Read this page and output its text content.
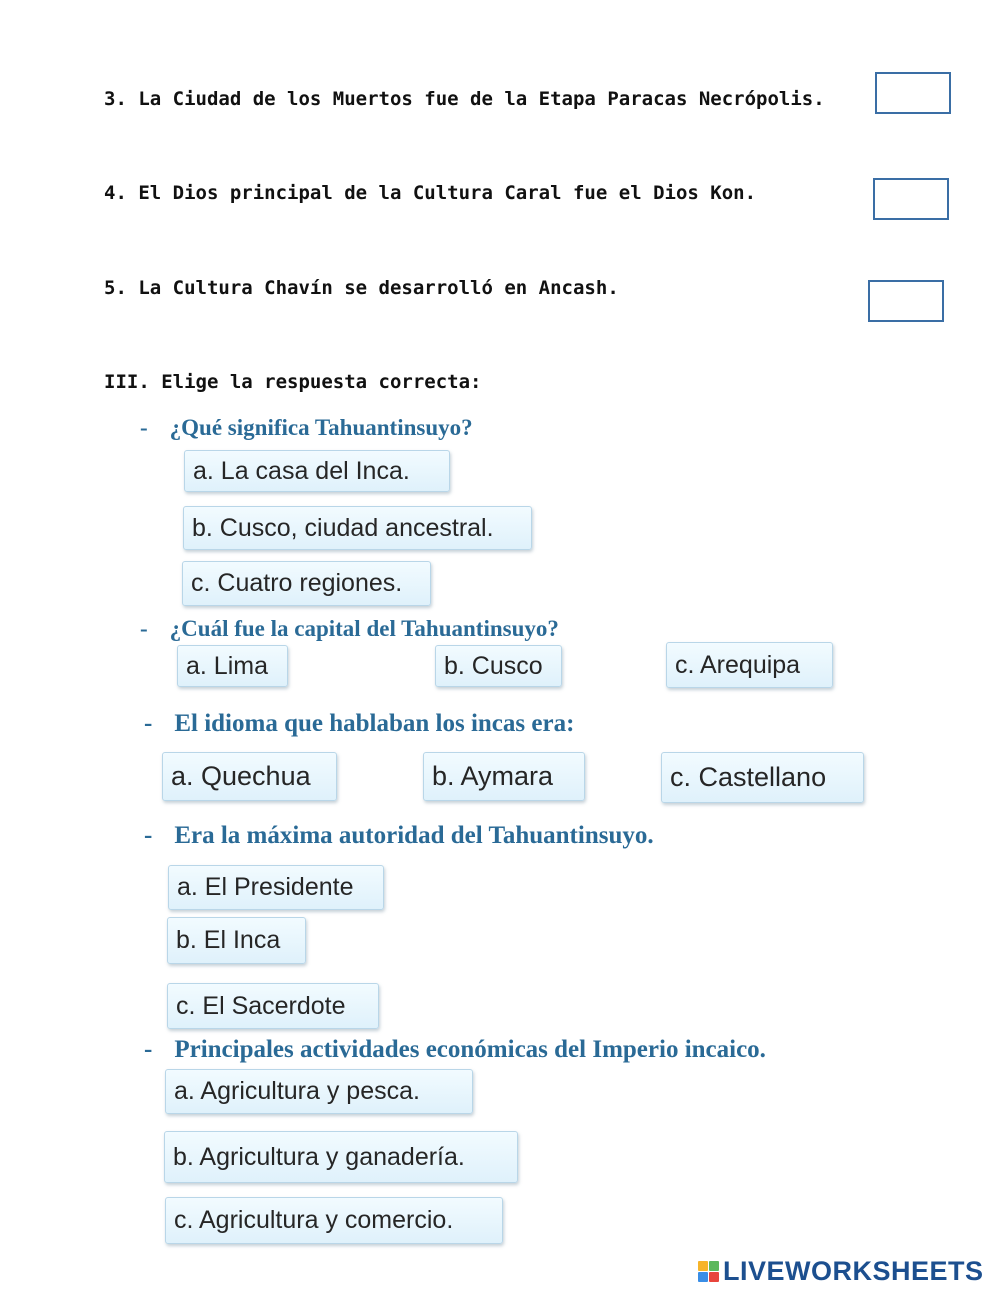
3. La Ciudad de los Muertos fue de la Etapa Paracas Necrópolis.
4. El Dios principal de la Cultura Caral fue el Dios Kon.
5. La Cultura Chavín se desarrolló en Ancash.
III. Elige la respuesta correcta:
- ¿Qué significa Tahuantinsuyo?
a. La casa del Inca.
b. Cusco, ciudad ancestral.
c. Cuatro regiones.
- ¿Cuál fue la capital del Tahuantinsuyo?
a. Lima	b. Cusco	c. Arequipa
- El idioma que hablaban los incas era:
a. Quechua	b. Aymara	c. Castellano
- Era la máxima autoridad del Tahuantinsuyo.
a. El Presidente
b. El Inca
c. El Sacerdote
- Principales actividades económicas del Imperio incaico.
a. Agricultura y pesca.
b. Agricultura y ganadería.
c. Agricultura y comercio.
LIVEWORKSHEETS
